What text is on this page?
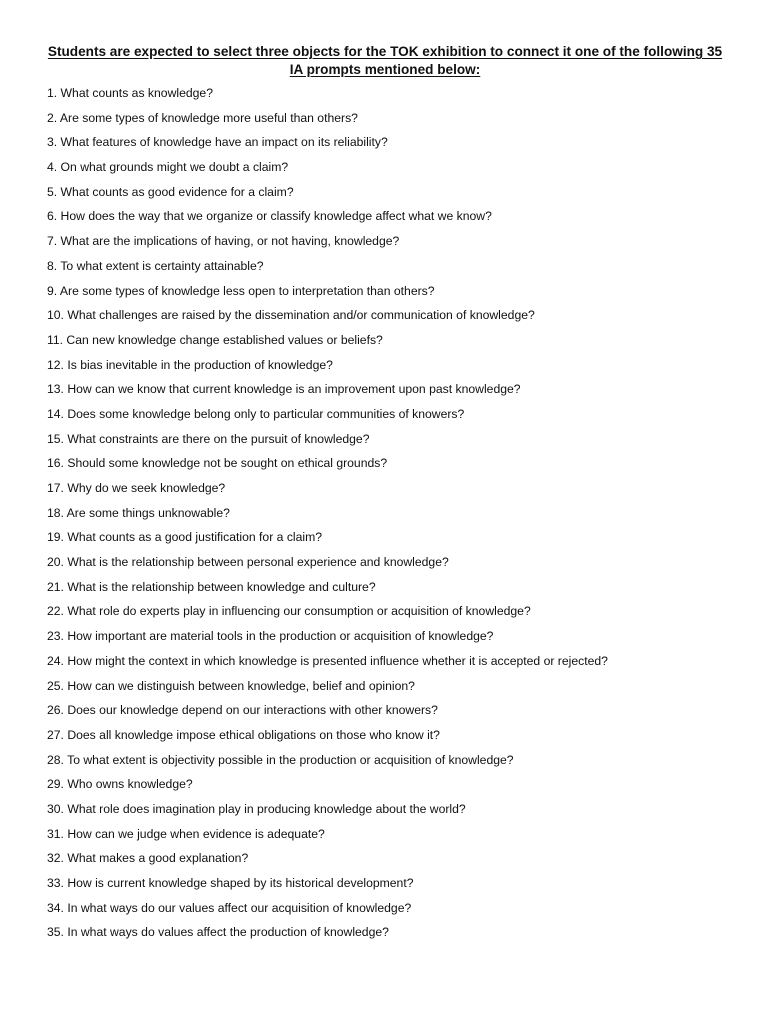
Students are expected to select three objects for the TOK exhibition to connect it one of the following 35 IA prompts mentioned below:
1. What counts as knowledge?
2. Are some types of knowledge more useful than others?
3. What features of knowledge have an impact on its reliability?
4. On what grounds might we doubt a claim?
5. What counts as good evidence for a claim?
6. How does the way that we organize or classify knowledge affect what we know?
7. What are the implications of having, or not having, knowledge?
8. To what extent is certainty attainable?
9. Are some types of knowledge less open to interpretation than others?
10. What challenges are raised by the dissemination and/or communication of knowledge?
11. Can new knowledge change established values or beliefs?
12. Is bias inevitable in the production of knowledge?
13. How can we know that current knowledge is an improvement upon past knowledge?
14. Does some knowledge belong only to particular communities of knowers?
15. What constraints are there on the pursuit of knowledge?
16. Should some knowledge not be sought on ethical grounds?
17. Why do we seek knowledge?
18. Are some things unknowable?
19. What counts as a good justification for a claim?
20. What is the relationship between personal experience and knowledge?
21. What is the relationship between knowledge and culture?
22. What role do experts play in influencing our consumption or acquisition of knowledge?
23. How important are material tools in the production or acquisition of knowledge?
24. How might the context in which knowledge is presented influence whether it is accepted or rejected?
25. How can we distinguish between knowledge, belief and opinion?
26. Does our knowledge depend on our interactions with other knowers?
27. Does all knowledge impose ethical obligations on those who know it?
28. To what extent is objectivity possible in the production or acquisition of knowledge?
29. Who owns knowledge?
30. What role does imagination play in producing knowledge about the world?
31. How can we judge when evidence is adequate?
32. What makes a good explanation?
33. How is current knowledge shaped by its historical development?
34. In what ways do our values affect our acquisition of knowledge?
35. In what ways do values affect the production of knowledge?
